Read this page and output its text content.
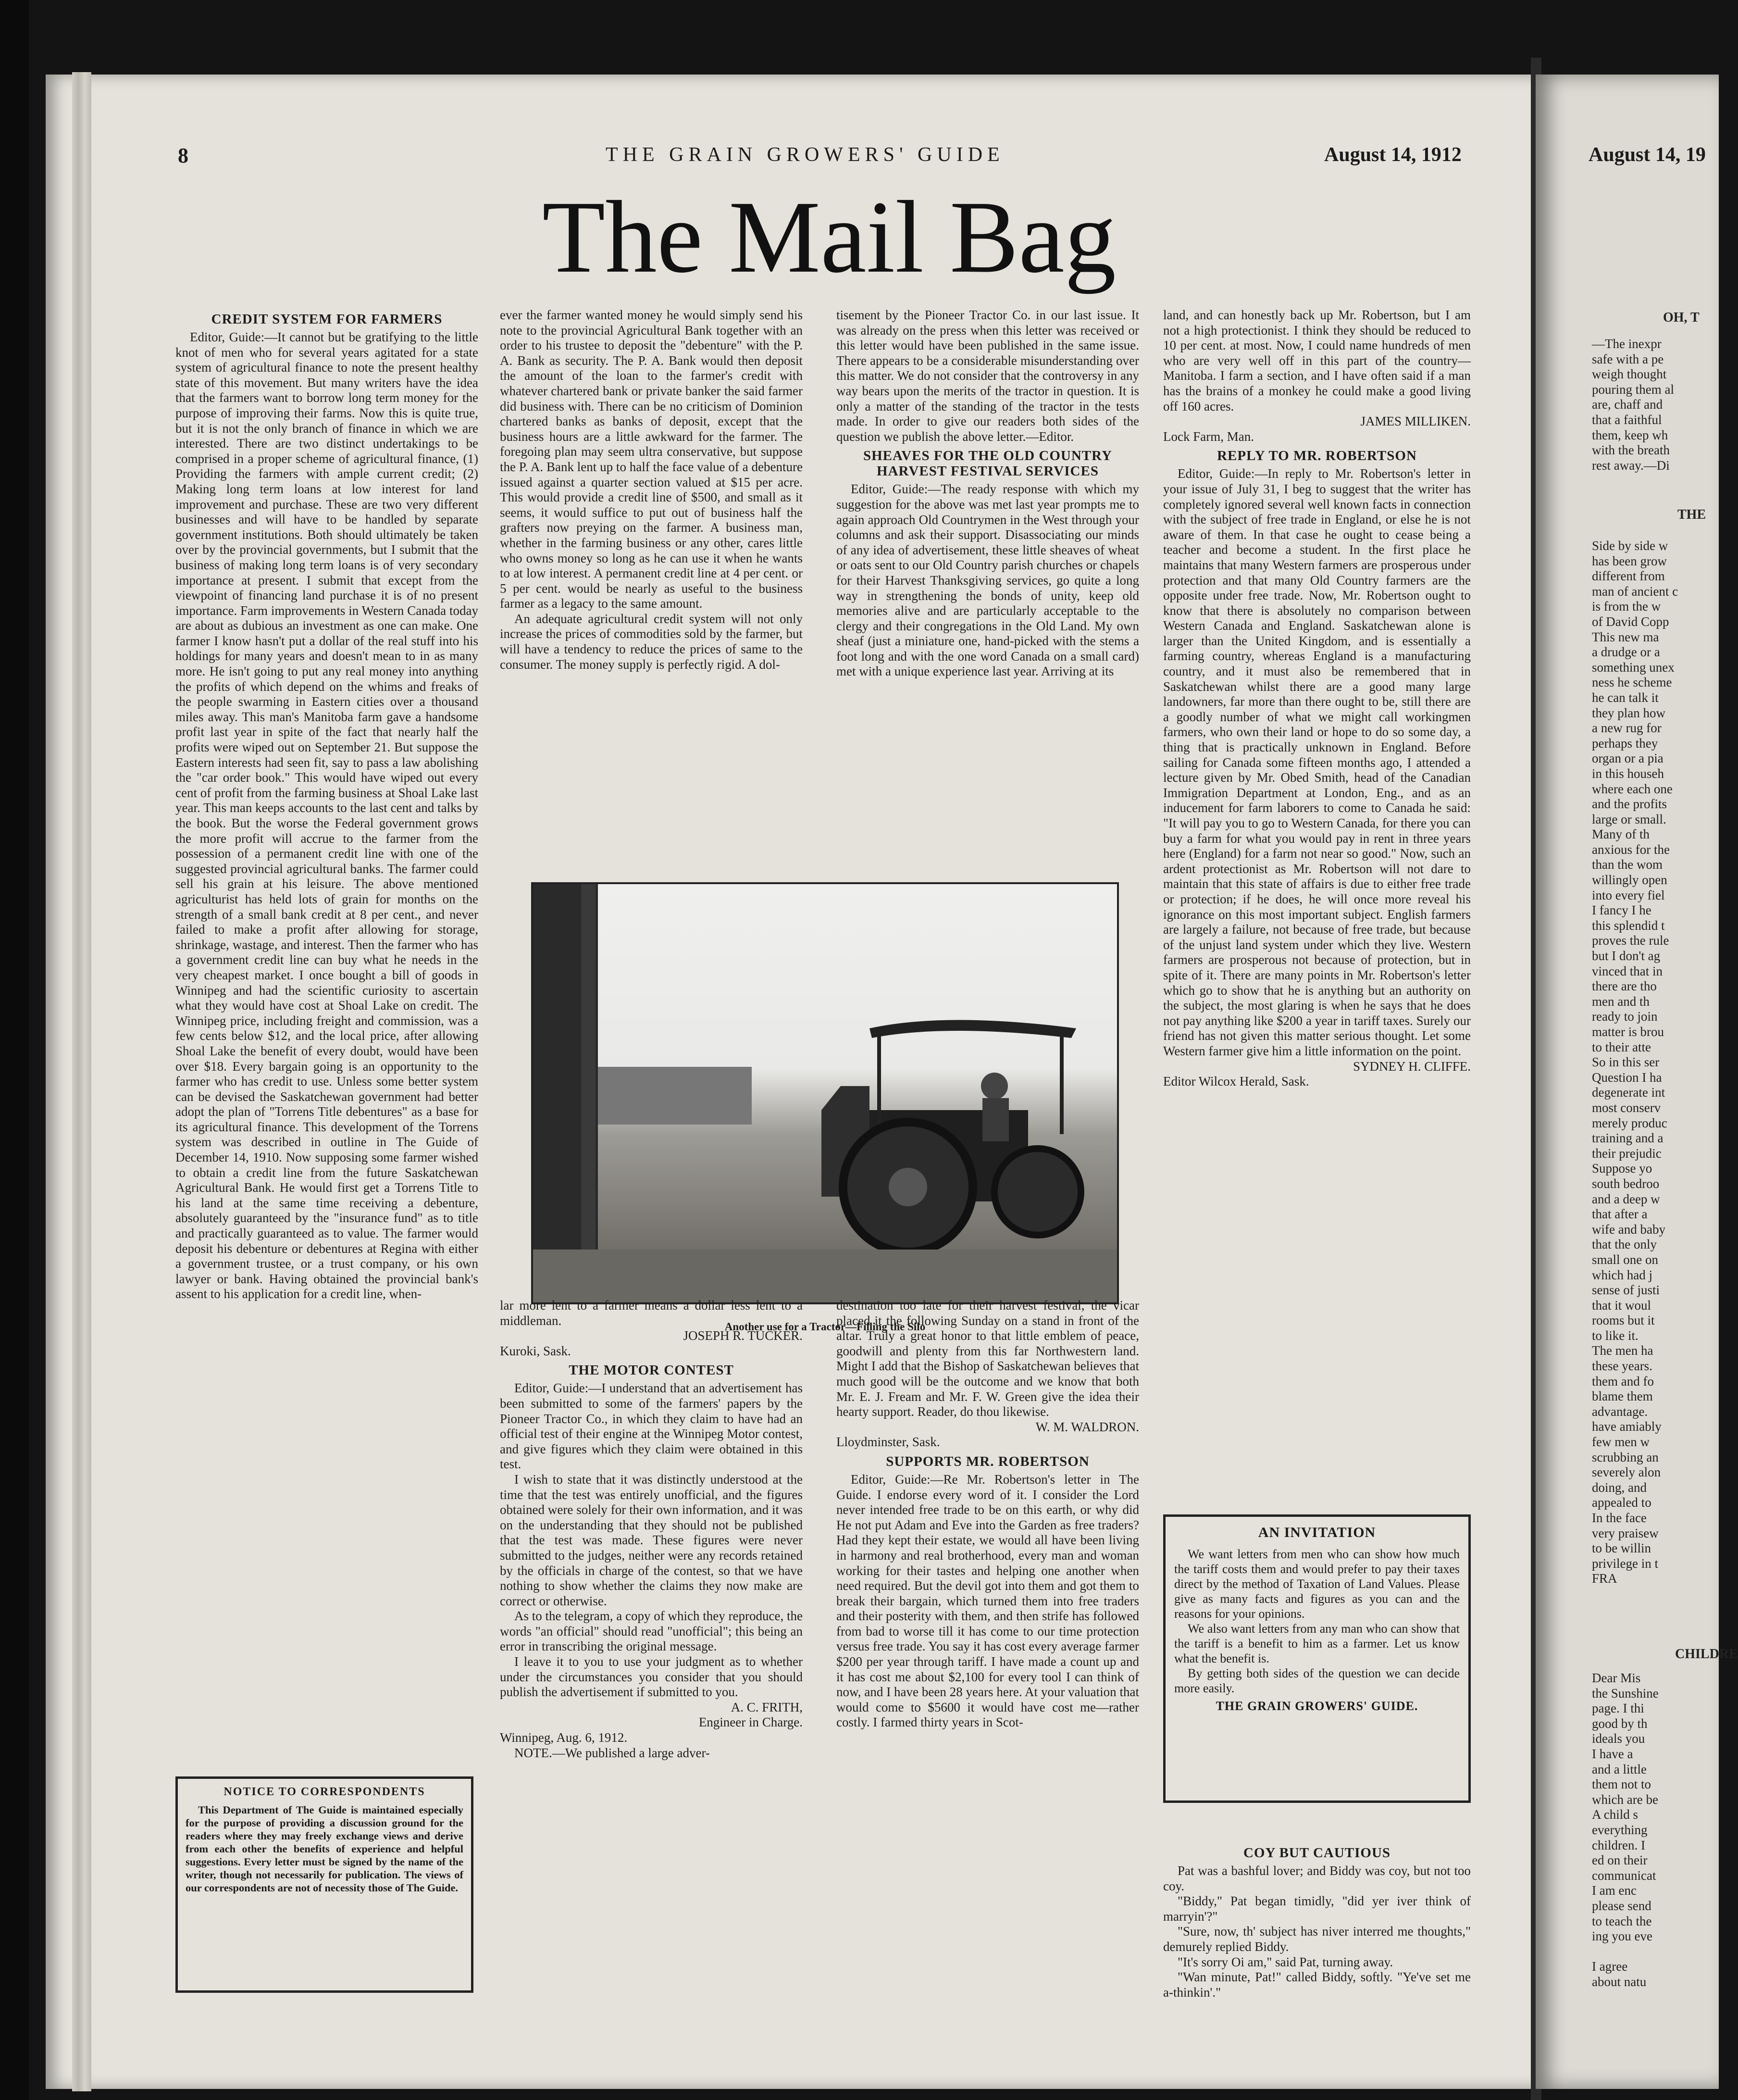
8	THE GRAIN GROWERS' GUIDE	August 14, 1912	August 14, 19
The Mail Bag
CREDIT SYSTEM FOR FARMERS

Editor, Guide:—It cannot but be gratifying to the little knot of men who for several years agitated for a state system of agricultural finance to note the present healthy state of this movement. But many writers have the idea that the farmers want to borrow long term money for the purpose of improving their farms. Now this is quite true, but it is not the only branch of finance in which we are interested. There are two distinct undertakings to be comprised in a proper scheme of agricultural finance, (1) Providing the farmers with ample current credit; (2) Making long term loans at low interest for land improvement and purchase. These are two very different businesses and will have to be handled by separate government institutions. Both should ultimately be taken over by the provincial governments, but I submit that the business of making long term loans is of very secondary importance at present. I submit that except from the viewpoint of financing land purchase it is of no present importance. Farm improvements in Western Canada today are about as dubious an investment as one can make. One farmer I know hasn't put a dollar of the real stuff into his holdings for many years and doesn't mean to in as many more. He isn't going to put any real money into anything the profits of which depend on the whims and freaks of the people swarming in Eastern cities over a thousand miles away. This man's Manitoba farm gave a handsome profit last year in spite of the fact that nearly half the profits were wiped out on September 21. But suppose the Eastern interests had seen fit, say to pass a law abolishing the "car order book." This would have wiped out every cent of profit from the farming business at Shoal Lake last year. This man keeps accounts to the last cent and talks by the book. But the worse the Federal government grows the more profit will accrue to the farmer from the possession of a permanent credit line with one of the suggested provincial agricultural banks. The farmer could sell his grain at his leisure. The above mentioned agriculturist has held lots of grain for months on the strength of a small bank credit at 8 per cent., and never failed to make a profit after allowing for storage, shrinkage, wastage, and interest. Then the farmer who has a government credit line can buy what he needs in the very cheapest market. I once bought a bill of goods in Winnipeg and had the scientific curiosity to ascertain what they would have cost at Shoal Lake on credit. The Winnipeg price, including freight and commission, was a few cents below $12, and the local price, after allowing Shoal Lake the benefit of every doubt, would have been over $18. Every bargain going is an opportunity to the farmer who has credit to use. Unless some better system can be devised the Saskatchewan government had better adopt the plan of "Torrens Title debentures" as a base for its agricultural finance. This development of the Torrens system was described in outline in The Guide of December 14, 1910. Now supposing some farmer wished to obtain a credit line from the future Saskatchewan Agricultural Bank. He would first get a Torrens Title to his land at the same time receiving a debenture, absolutely guaranteed by the "insurance fund" as to title and practically guaranteed as to value. The farmer would deposit his debenture or debentures at Regina with either a government trustee, or a trust company, or his own lawyer or bank. Having obtained the provincial bank's assent to his application for a credit line, when-

ever the farmer wanted money he would simply send his note to the provincial Agricultural Bank together with an order to his trustee to deposit the "debenture" with the P. A. Bank as security. The P. A. Bank would then deposit the amount of the loan to the farmer's credit with whatever chartered bank or private banker the said farmer did business with. There can be no criticism of Dominion chartered banks as banks of deposit, except that the business hours are a little awkward for the farmer. The foregoing plan may seem ultra conservative, but suppose the P. A. Bank lent up to half the face value of a debenture issued against a quarter section valued at $15 per acre. This would provide a credit line of $500, and small as it seems, it would suffice to put out of business half the grafters now preying on the farmer. A business man, whether in the farming business or any other, cares little who owns money so long as he can use it when he wants to at low interest. A permanent credit line at 4 per cent. or 5 per cent. would be nearly as useful to the business farmer as a legacy to the same amount.

An adequate agricultural credit system will not only increase the prices of commodities sold by the farmer, but will have a tendency to reduce the prices of same to the consumer. The money supply is perfectly rigid. A dol-

tisement by the Pioneer Tractor Co. in our last issue. It was already on the press when this letter was received or this letter would have been published in the same issue. There appears to be a considerable misunderstanding over this matter. We do not consider that the controversy in any way bears upon the merits of the tractor in question. It is only a matter of the standing of the tractor in the tests made. In order to give our readers both sides of the question we publish the above letter.—Editor.

SHEAVES FOR THE OLD COUNTRY HARVEST FESTIVAL SERVICES

Editor, Guide:—The ready response with which my suggestion for the above was met last year prompts me to again approach Old Countrymen in the West through your columns and ask their support. Disassociating our minds of any idea of advertisement, these little sheaves of wheat or oats sent to our Old Country parish churches or chapels for their Harvest Thanksgiving services, go quite a long way in strengthening the bonds of unity, keep old memories alive and are particularly acceptable to the clergy and their congregations in the Old Land. My own sheaf (just a miniature one, hand-picked with the stems a foot long and with the one word Canada on a small card) met with a unique experience last year. Arriving at its

land, and can honestly back up Mr. Robertson, but I am not a high protectionist. I think they should be reduced to 10 per cent. at most. Now, I could name hundreds of men who are very well off in this part of the country—Manitoba. I farm a section, and I have often said if a man has the brains of a monkey he could make a good living off 160 acres.

JAMES MILLIKEN.

Lock Farm, Man.

REPLY TO MR. ROBERTSON

Editor, Guide:—In reply to Mr. Robertson's letter in your issue of July 31, I beg to suggest that the writer has completely ignored several well known facts in connection with the subject of free trade in England, or else he is not aware of them. In that case he ought to cease being a teacher and become a student. In the first place he maintains that many Western farmers are prosperous under protection and that many Old Country farmers are the opposite under free trade. Now, Mr. Robertson ought to know that there is absolutely no comparison between Western Canada and England. Saskatchewan alone is larger than the United Kingdom, and is essentially a farming country, whereas England is a manufacturing country, and it must also be remembered that in Saskatchewan whilst there are a good many large landowners, far more than there ought to be, still there are a goodly number of what we might call workingmen farmers, who own their land or hope to do so some day, a thing that is practically unknown in England. Before sailing for Canada some fifteen months ago, I attended a lecture given by Mr. Obed Smith, head of the Canadian Immigration Department at London, Eng., and as an inducement for farm laborers to come to Canada he said: "It will pay you to go to Western Canada, for there you can buy a farm for what you would pay in rent in three years here (England) for a farm not near so good." Now, such an ardent protectionist as Mr. Robertson will not dare to maintain that this state of affairs is due to either free trade or protection; if he does, he will once more reveal his ignorance on this most important subject. English farmers are largely a failure, not because of free trade, but because of the unjust land system under which they live. Western farmers are prosperous not because of protection, but in spite of it. There are many points in Mr. Robertson's letter which go to show that he is anything but an authority on the subject, the most glaring is when he says that he does not pay anything like $200 a year in tariff taxes. Surely our friend has not given this matter serious thought. Let some Western farmer give him a little information on the point.

SYDNEY H. CLIFFE.

Editor Wilcox Herald, Sask.

Another use for a Tractor—Filling the Silo

lar more lent to a farmer means a dollar less lent to a middleman.

JOSEPH R. TUCKER.

Kuroki, Sask.

THE MOTOR CONTEST

Editor, Guide:—I understand that an advertisement has been submitted to some of the farmers' papers by the Pioneer Tractor Co., in which they claim to have had an official test of their engine at the Winnipeg Motor contest, and give figures which they claim were obtained in this test.

I wish to state that it was distinctly understood at the time that the test was entirely unofficial, and the figures obtained were solely for their own information, and it was on the understanding that they should not be published that the test was made. These figures were never submitted to the judges, neither were any records retained by the officials in charge of the contest, so that we have nothing to show whether the claims they now make are correct or otherwise.

As to the telegram, a copy of which they reproduce, the words "an official" should read "unofficial"; this being an error in transcribing the original message.

I leave it to you to use your judgment as to whether under the circumstances you consider that you should publish the advertisement if submitted to you.

A. C. FRITH,

Engineer in Charge.

Winnipeg, Aug. 6, 1912.

NOTE.—We published a large adver-

destination too late for their harvest festival, the vicar placed it the following Sunday on a stand in front of the altar. Truly a great honor to that little emblem of peace, goodwill and plenty from this far Northwestern land. Might I add that the Bishop of Saskatchewan believes that much good will be the outcome and we know that both Mr. E. J. Fream and Mr. F. W. Green give the idea their hearty support. Reader, do thou likewise.

W. M. WALDRON.

Lloydminster, Sask.

SUPPORTS MR. ROBERTSON

Editor, Guide:—Re Mr. Robertson's letter in The Guide. I endorse every word of it. I consider the Lord never intended free trade to be on this earth, or why did He not put Adam and Eve into the Garden as free traders? Had they kept their estate, we would all have been living in harmony and real brotherhood, every man and woman working for their tastes and helping one another when need required. But the devil got into them and got them to break their bargain, which turned them into free traders and their posterity with them, and then strife has followed from bad to worse till it has come to our time protection versus free trade. You say it has cost every average farmer $200 per year through tariff. I have made a count up and it has cost me about $2,100 for every tool I can think of now, and I have been 28 years here. At your valuation that would come to $5600 it would have cost me—rather costly. I farmed thirty years in Scot-

NOTICE TO CORRESPONDENTS

This Department of The Guide is maintained especially for the purpose of providing a discussion ground for the readers where they may freely exchange views and derive from each other the benefits of experience and helpful suggestions. Every letter must be signed by the name of the writer, though not necessarily for publication. The views of our correspondents are not of necessity those of The Guide.

AN INVITATION

We want letters from men who can show how much the tariff costs them and would prefer to pay their taxes direct by the method of Taxation of Land Values. Please give as many facts and figures as you can and the reasons for your opinions.

We also want letters from any man who can show that the tariff is a benefit to him as a farmer. Let us know what the benefit is.

By getting both sides of the question we can decide more easily.

THE GRAIN GROWERS' GUIDE.

COY BUT CAUTIOUS

Pat was a bashful lover; and Biddy was coy, but not too coy.

"Biddy," Pat began timidly, "did yer iver think of marryin'?"

"Sure, now, th' subject has niver interred me thoughts," demurely replied Biddy.

"It's sorry Oi am," said Pat, turning away.

"Wan minute, Pat!" called Biddy, softly. "Ye've set me a-thinkin'."

OH, T

—The inexpr

safe with a pe

weigh thought

pouring them al

are, chaff and

that a faithful

them, keep wh

with the breath

rest away.—Di

THE

Side by side w

has been grow

different from

man of ancient c

is from the w

of David Copp

This new ma

a drudge or a

something unex

ness he scheme

he can talk it

they plan how

a new rug for

perhaps they

organ or a pia

in this househ

where each one

and the profits

large or small.

Many of th

anxious for the

than the wom

willingly open

into every fiel

I fancy I he

this splendid t

proves the rule

but I don't ag

vinced that in

there are tho

men and th

ready to join

matter is brou

to their atte

So in this ser

Question I ha

degenerate int

most conserv

merely produc

training and a

their prejudic

Suppose yo

south bedroo

and a deep w

that after a

wife and baby

that the only

small one on

which had j

sense of justi

that it woul

rooms but it

to like it.

The men ha

these years.

them and fo

blame them

advantage.

have amiably

few men w

scrubbing an

severely alon

doing, and

appealed to

In the face

very praisew

to be willin

privilege in t

FRA

CHILDRE

Dear Mis

the Sunshine

page. I thi

good by th

ideals you

I have a

and a little

them not to

which are be

A child s

everything

children. I

ed on their

communicat

I am enc

please send

to teach the

ing you eve

I agree

about natu
